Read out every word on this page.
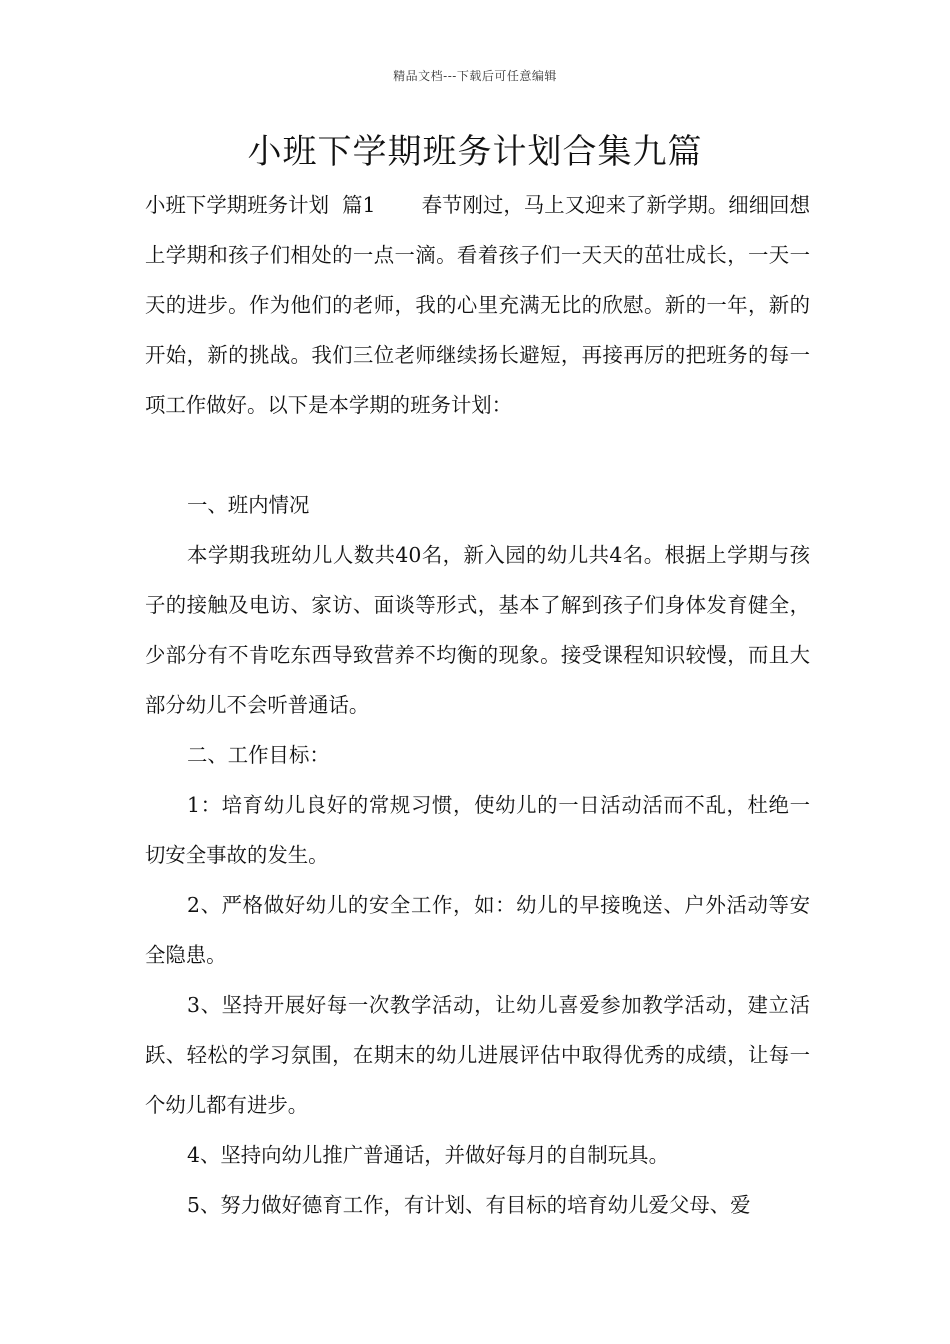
精品文档---下载后可任意编辑
小班下学期班务计划合集九篇

小班下学期班务计划  篇1 春节刚过，马上又迎来了新学期。细细回想上学期和孩子们相处的一点一滴。看着孩子们一天天的茁壮成长，一天一天的进步。作为他们的老师，我的心里充满无比的欣慰。新的一年，新的开始，新的挑战。我们三位老师继续扬长避短，再接再厉的把班务的每一项工作做好。以下是本学期的班务计划：

一、班内情况

本学期我班幼儿人数共40名，新入园的幼儿共4名。根据上学期与孩子的接触及电访、家访、面谈等形式，基本了解到孩子们身体发育健全，少部分有不肯吃东西导致营养不均衡的现象。接受课程知识较慢，而且大部分幼儿不会听普通话。

二、工作目标：

1：培育幼儿良好的常规习惯，使幼儿的一日活动活而不乱，杜绝一切安全事故的发生。

2、严格做好幼儿的安全工作，如：幼儿的早接晚送、户外活动等安全隐患。

3、坚持开展好每一次教学活动，让幼儿喜爱参加教学活动，建立活跃、轻松的学习氛围，在期末的幼儿进展评估中取得优秀的成绩，让每一个幼儿都有进步。

4、坚持向幼儿推广普通话，并做好每月的自制玩具。

5、努力做好德育工作，有计划、有目标的培育幼儿爱父母、爱
